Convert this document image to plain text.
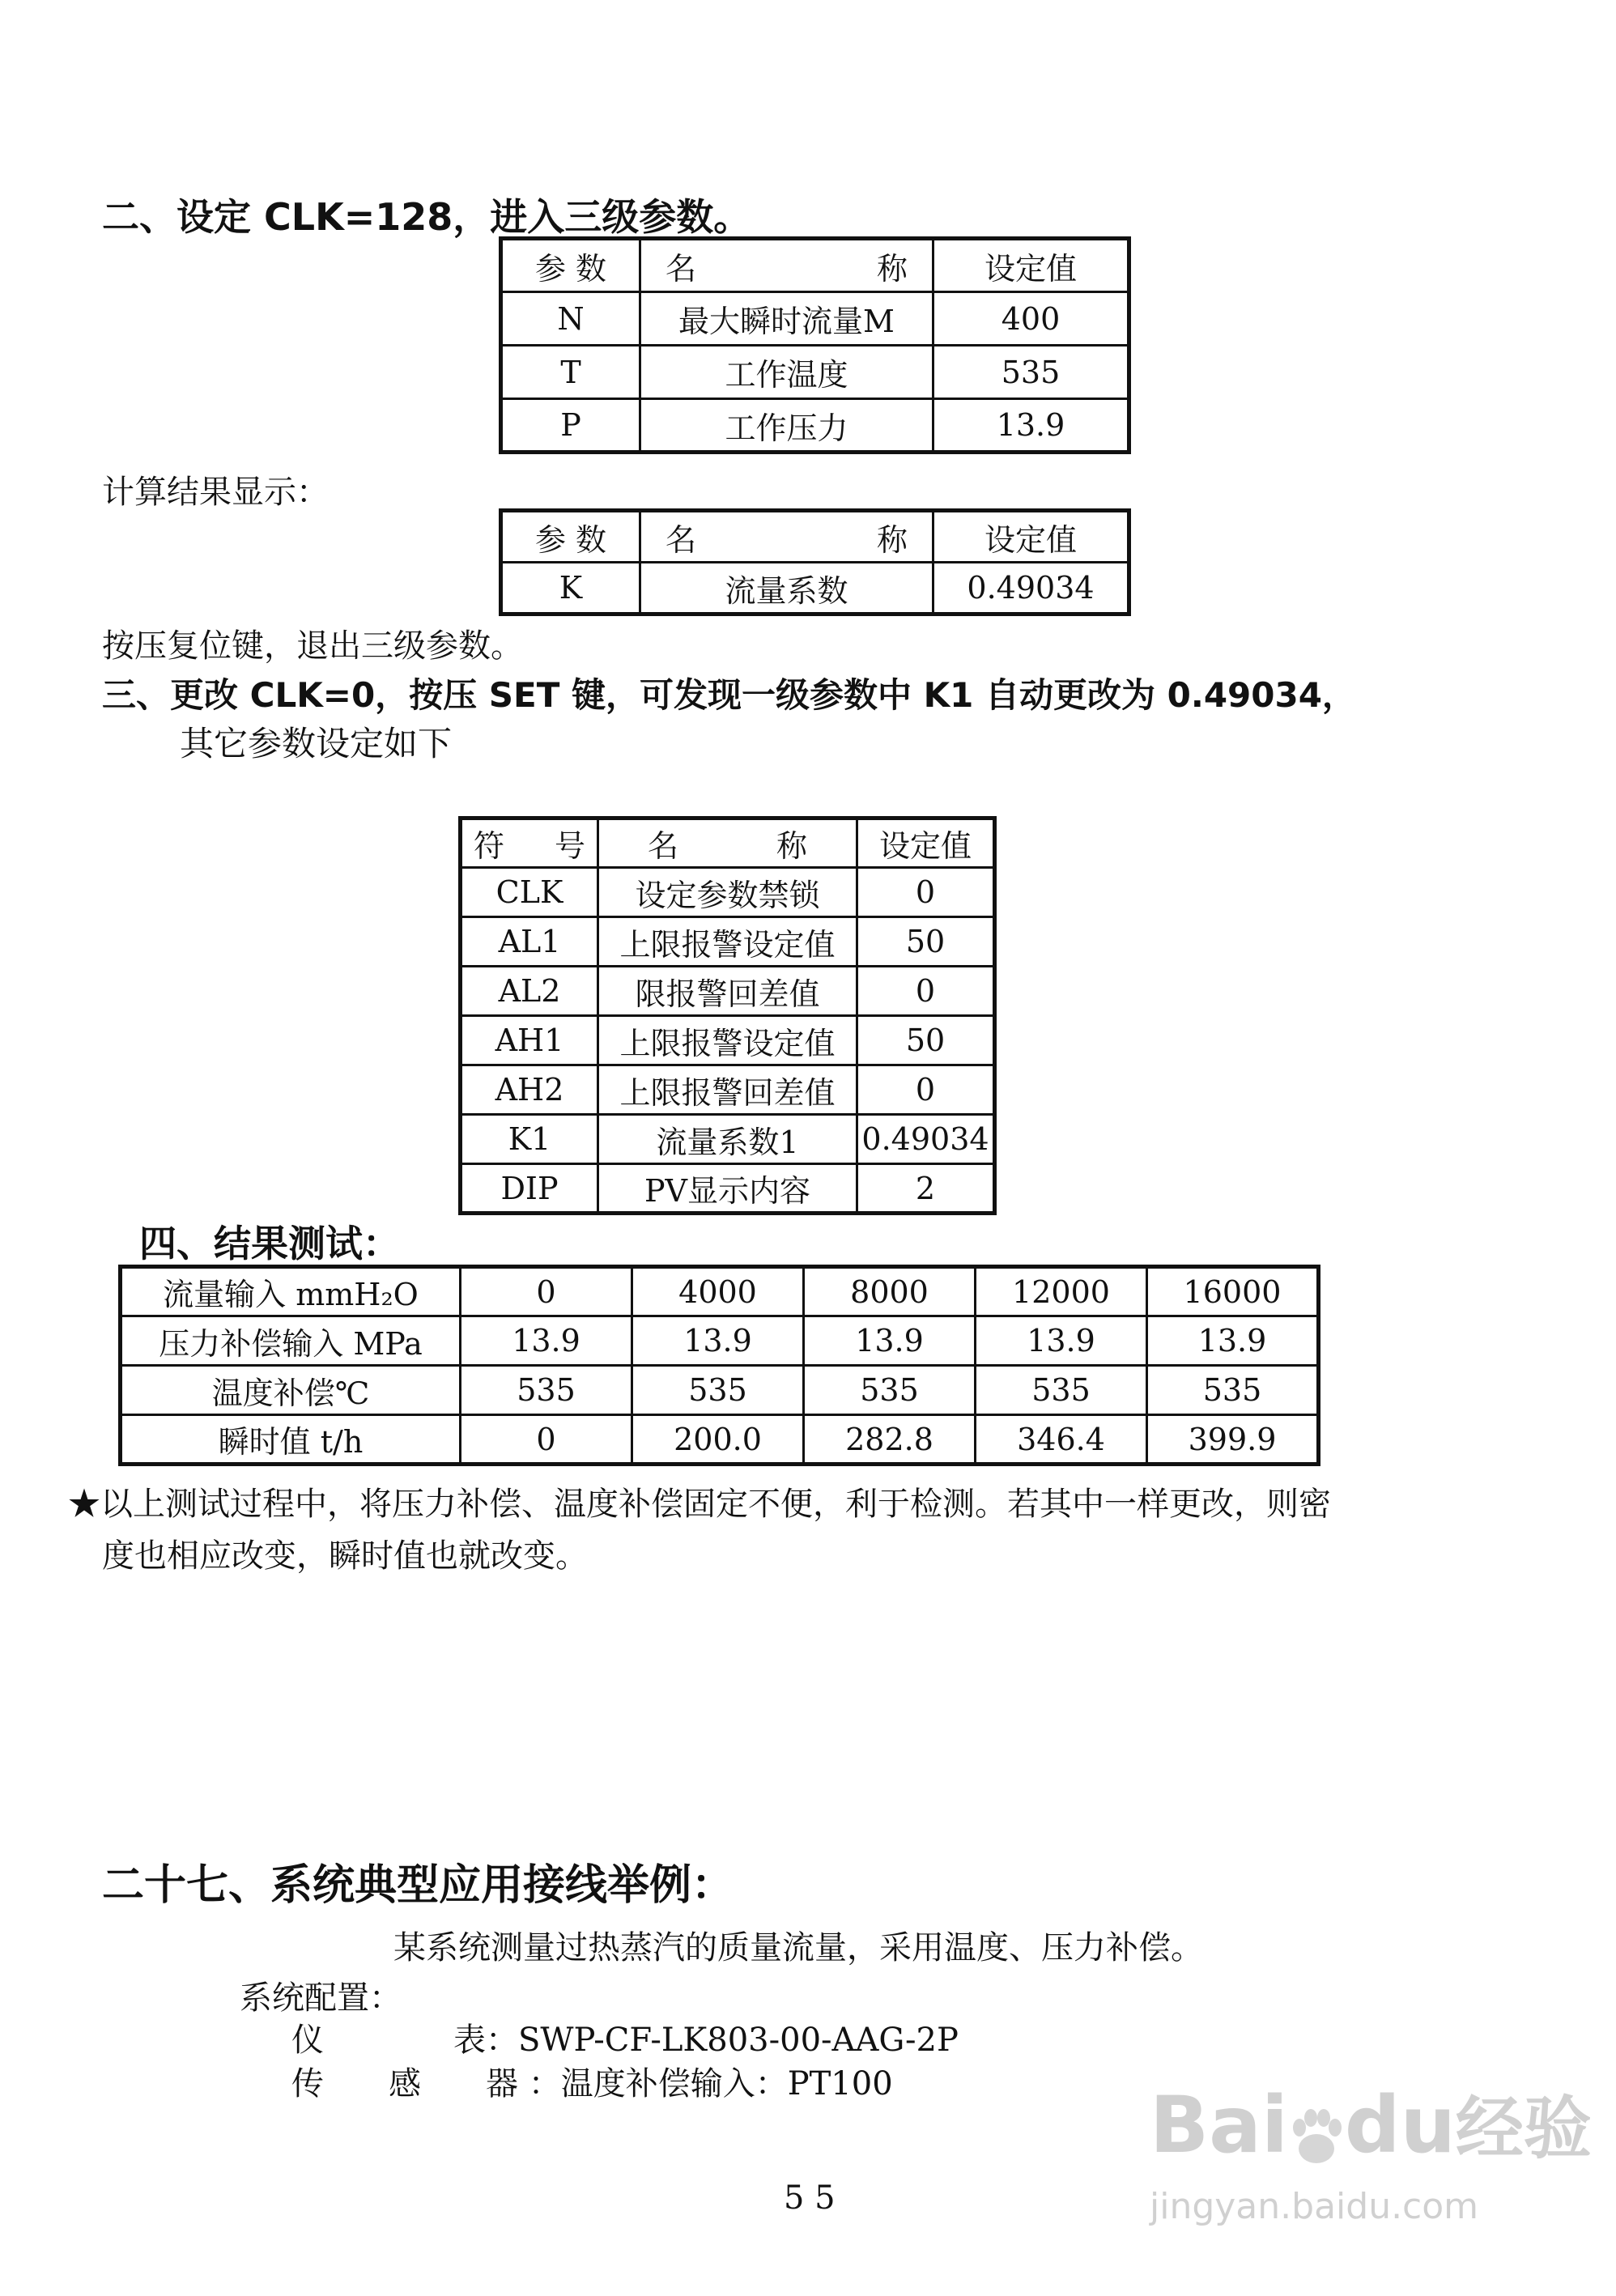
二、设定 CLK=128，进入三级参数。
参 数	名 称	设定值
N	最大瞬时流量M	400
T	工作温度	535
P	工作压力	13.9
计算结果显示：
参 数	名 称	设定值
K	流量系数	0.49034
按压复位键，退出三级参数。
三、更改 CLK=0，按压 SET 键，可发现一级参数中 K1 自动更改为 0.49034，
其它参数设定如下
符 号	名 称	设定值
CLK	设定参数禁锁	0
AL1	上限报警设定值	50
AL2	限报警回差值	0
AH1	上限报警设定值	50
AH2	上限报警回差值	0
K1	流量系数1	0.49034
DIP	PV显示内容	2
四、结果测试：
流量输入 mmH₂O	0	4000	8000	12000	16000
压力补偿输入 MPa	13.9	13.9	13.9	13.9	13.9
温度补偿℃	535	535	535	535	535
瞬时值 t/h	0	200.0	282.8	346.4	399.9
★以上测试过程中，将压力补偿、温度补偿固定不便，利于检测。若其中一样更改，则密
度也相应改变，瞬时值也就改变。
二十七、系统典型应用接线举例：
某系统测量过热蒸汽的质量流量，采用温度、压力补偿。
系统配置：
仪　　　　表：SWP-CF-LK803-00-AAG-2P
传　　感　　器 ：温度补偿输入：PT100
5 5
Bai du经验
jingyan.baidu.com
